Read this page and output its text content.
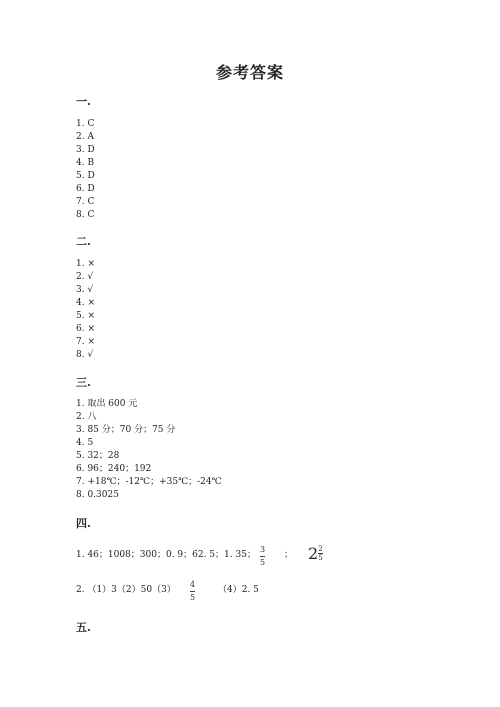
参考答案
一.
1. C
2. A
3. D
4. B
5. D
6. D
7. C
8. C
二.
1. ×
2. √
3. √
4. ×
5. ×
6. ×
7. ×
8. √
三.
1. 取出 600 元
2. 八
3. 85 分；70 分；75 分
4. 5
5. 32；28
6. 96；240；192
7. +18℃；-12℃；+35℃；-24℃
8. 0.3025
四.
1. 46；1008；300；0. 9；62. 5；1. 35；
3
5
； $2 \frac{2}{5}$
2. （1）3（2）50（3）
4
5
（4）2. 5
五.
